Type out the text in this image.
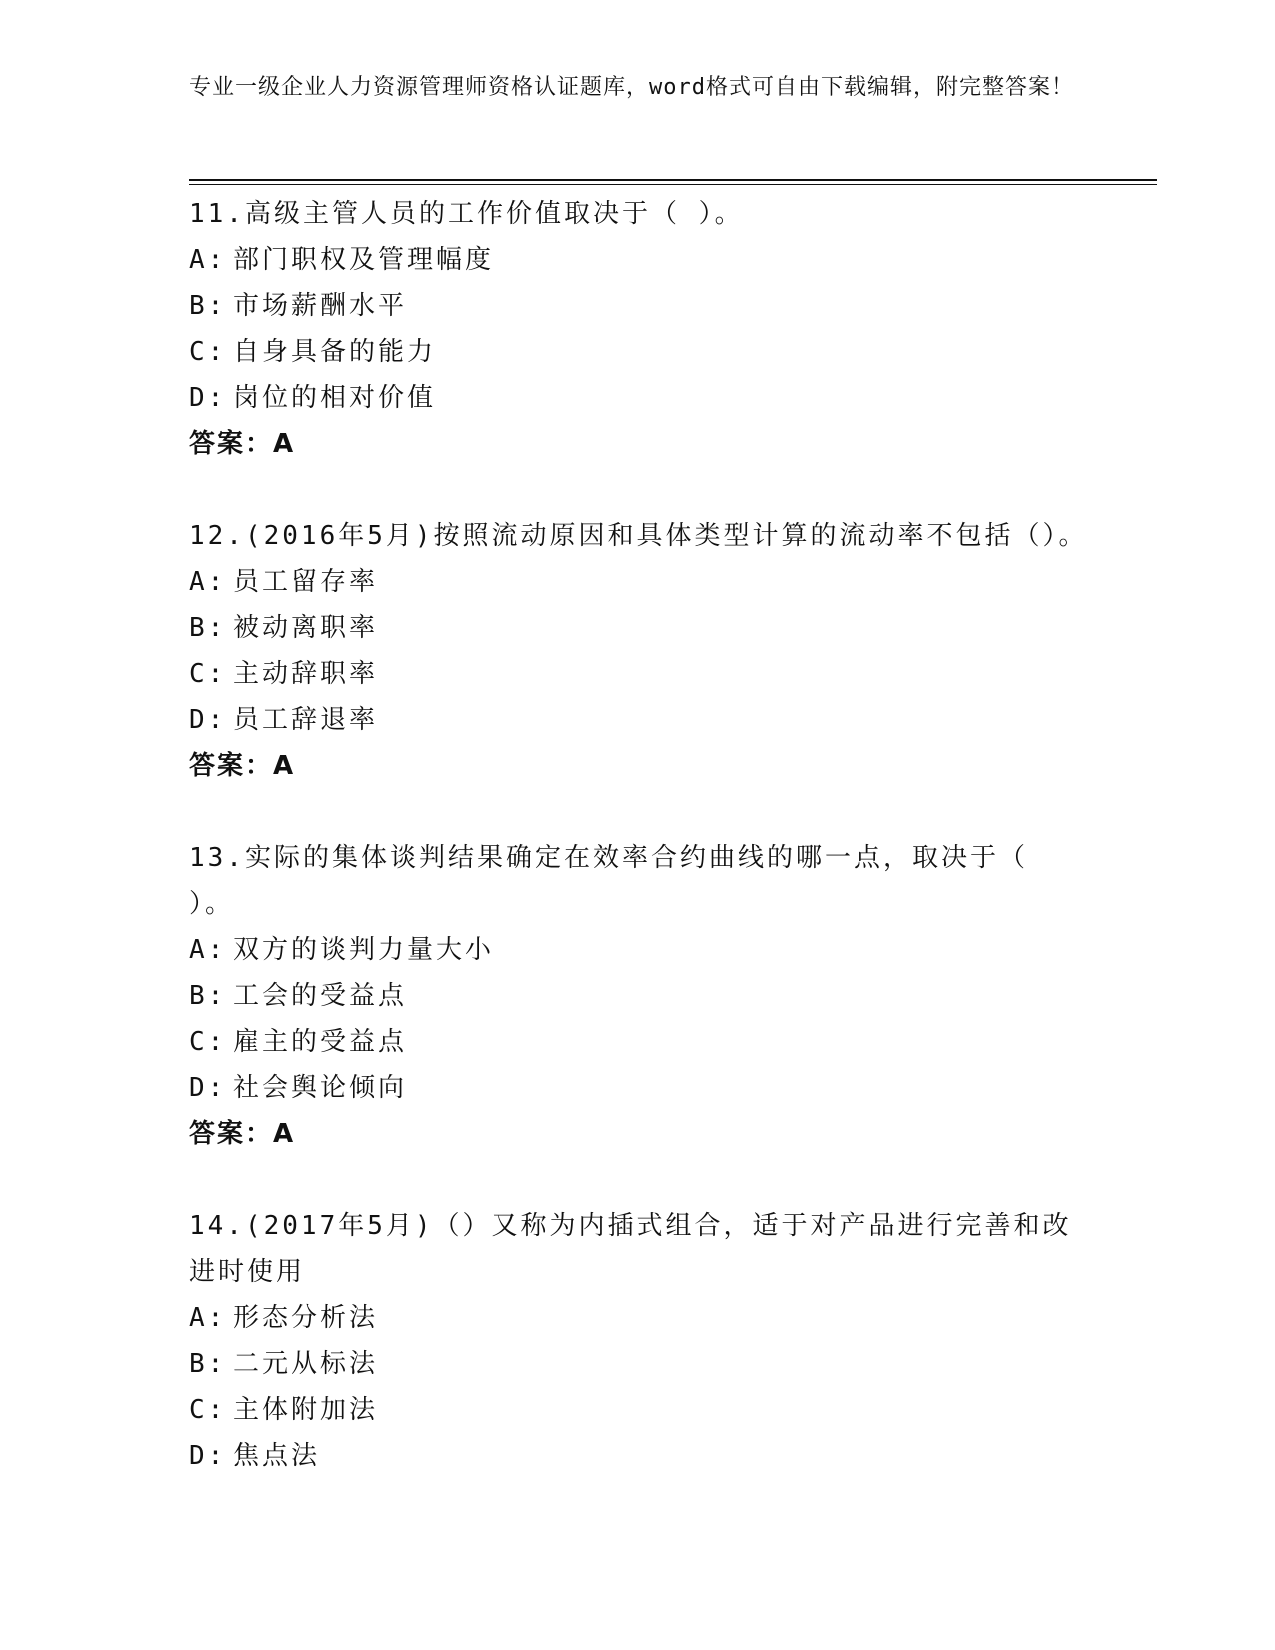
专业一级企业人力资源管理师资格认证题库，word格式可自由下载编辑，附完整答案！
11.高级主管人员的工作价值取决于（ ）。
A: 部门职权及管理幅度
B: 市场薪酬水平
C: 自身具备的能力
D: 岗位的相对价值
答案：A
12.(2016年5月)按照流动原因和具体类型计算的流动率不包括（）。
A: 员工留存率
B: 被动离职率
C: 主动辞职率
D: 员工辞退率
答案：A
13.实际的集体谈判结果确定在效率合约曲线的哪一点，取决于（ ）。
A: 双方的谈判力量大小
B: 工会的受益点
C: 雇主的受益点
D: 社会舆论倾向
答案：A
14.(2017年5月)（）又称为内插式组合，适于对产品进行完善和改进时使用
A: 形态分析法
B: 二元从标法
C: 主体附加法
D: 焦点法
